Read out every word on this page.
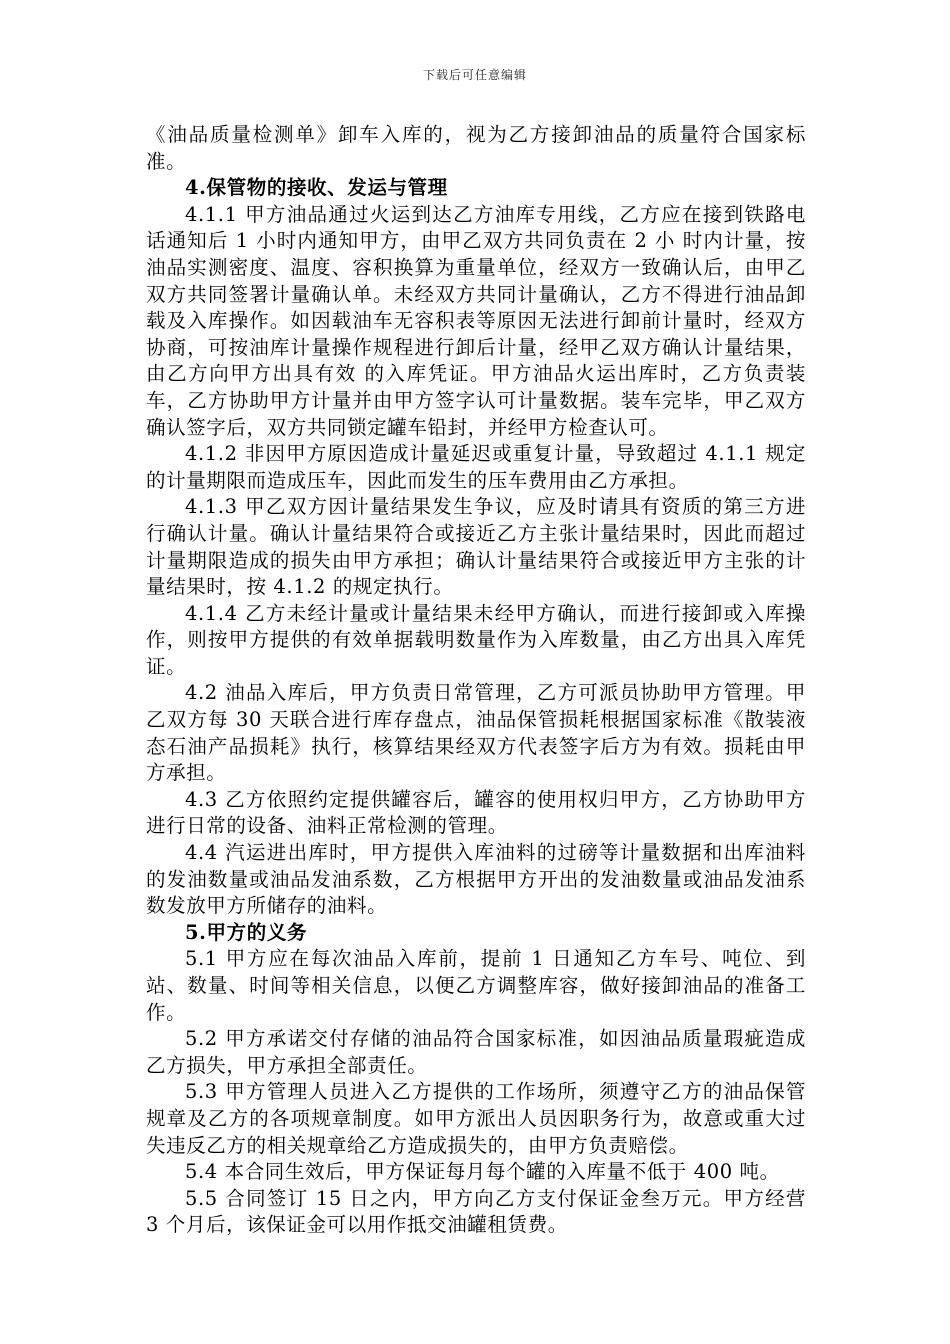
下载后可任意编辑

《油品质量检测单》卸车入库的，视为乙方接卸油品的质量符合国家标准。

4.保管物的接收、发运与管理

4.1.1 甲方油品通过火运到达乙方油库专用线，乙方应在接到铁路电话通知后 1 小时内通知甲方，由甲乙双方共同负责在 2 小 时内计量，按油品实测密度、温度、容积换算为重量单位，经双方一致确认后，由甲乙双方共同签署计量确认单。未经双方共同计量确认，乙方不得进行油品卸载及入库操作。如因载油车无容积表等原因无法进行卸前计量时，经双方协商，可按油库计量操作规程进行卸后计量，经甲乙双方确认计量结果，由乙方向甲方出具有效 的入库凭证。甲方油品火运出库时，乙方负责装车，乙方协助甲方计量并由甲方签字认可计量数据。装车完毕，甲乙双方确认签字后，双方共同锁定罐车铅封，并经甲方检查认可。

4.1.2 非因甲方原因造成计量延迟或重复计量，导致超过 4.1.1 规定的计量期限而造成压车，因此而发生的压车费用由乙方承担。

4.1.3 甲乙双方因计量结果发生争议，应及时请具有资质的第三方进行确认计量。确认计量结果符合或接近乙方主张计量结果时，因此而超过计量期限造成的损失由甲方承担；确认计量结果符合或接近甲方主张的计量结果时，按 4.1.2 的规定执行。

4.1.4 乙方未经计量或计量结果未经甲方确认，而进行接卸或入库操作，则按甲方提供的有效单据载明数量作为入库数量，由乙方出具入库凭证。

4.2 油品入库后，甲方负责日常管理，乙方可派员协助甲方管理。甲乙双方每 30 天联合进行库存盘点，油品保管损耗根据国家标准《散装液态石油产品损耗》执行，核算结果经双方代表签字后方为有效。损耗由甲方承担。

4.3 乙方依照约定提供罐容后，罐容的使用权归甲方，乙方协助甲方进行日常的设备、油料正常检测的管理。

4.4 汽运进出库时，甲方提供入库油料的过磅等计量数据和出库油料的发油数量或油品发油系数，乙方根据甲方开出的发油数量或油品发油系数发放甲方所储存的油料。

5.甲方的义务

5.1 甲方应在每次油品入库前，提前 1 日通知乙方车号、吨位、到站、数量、时间等相关信息，以便乙方调整库容，做好接卸油品的准备工作。

5.2 甲方承诺交付存储的油品符合国家标准，如因油品质量瑕疵造成乙方损失，甲方承担全部责任。

5.3 甲方管理人员进入乙方提供的工作场所，须遵守乙方的油品保管规章及乙方的各项规章制度。如甲方派出人员因职务行为，故意或重大过失违反乙方的相关规章给乙方造成损失的，由甲方负责赔偿。

5.4 本合同生效后，甲方保证每月每个罐的入库量不低于 400 吨。

5.5 合同签订 15 日之内，甲方向乙方支付保证金叁万元。甲方经营 3 个月后，该保证金可以用作抵交油罐租赁费。
